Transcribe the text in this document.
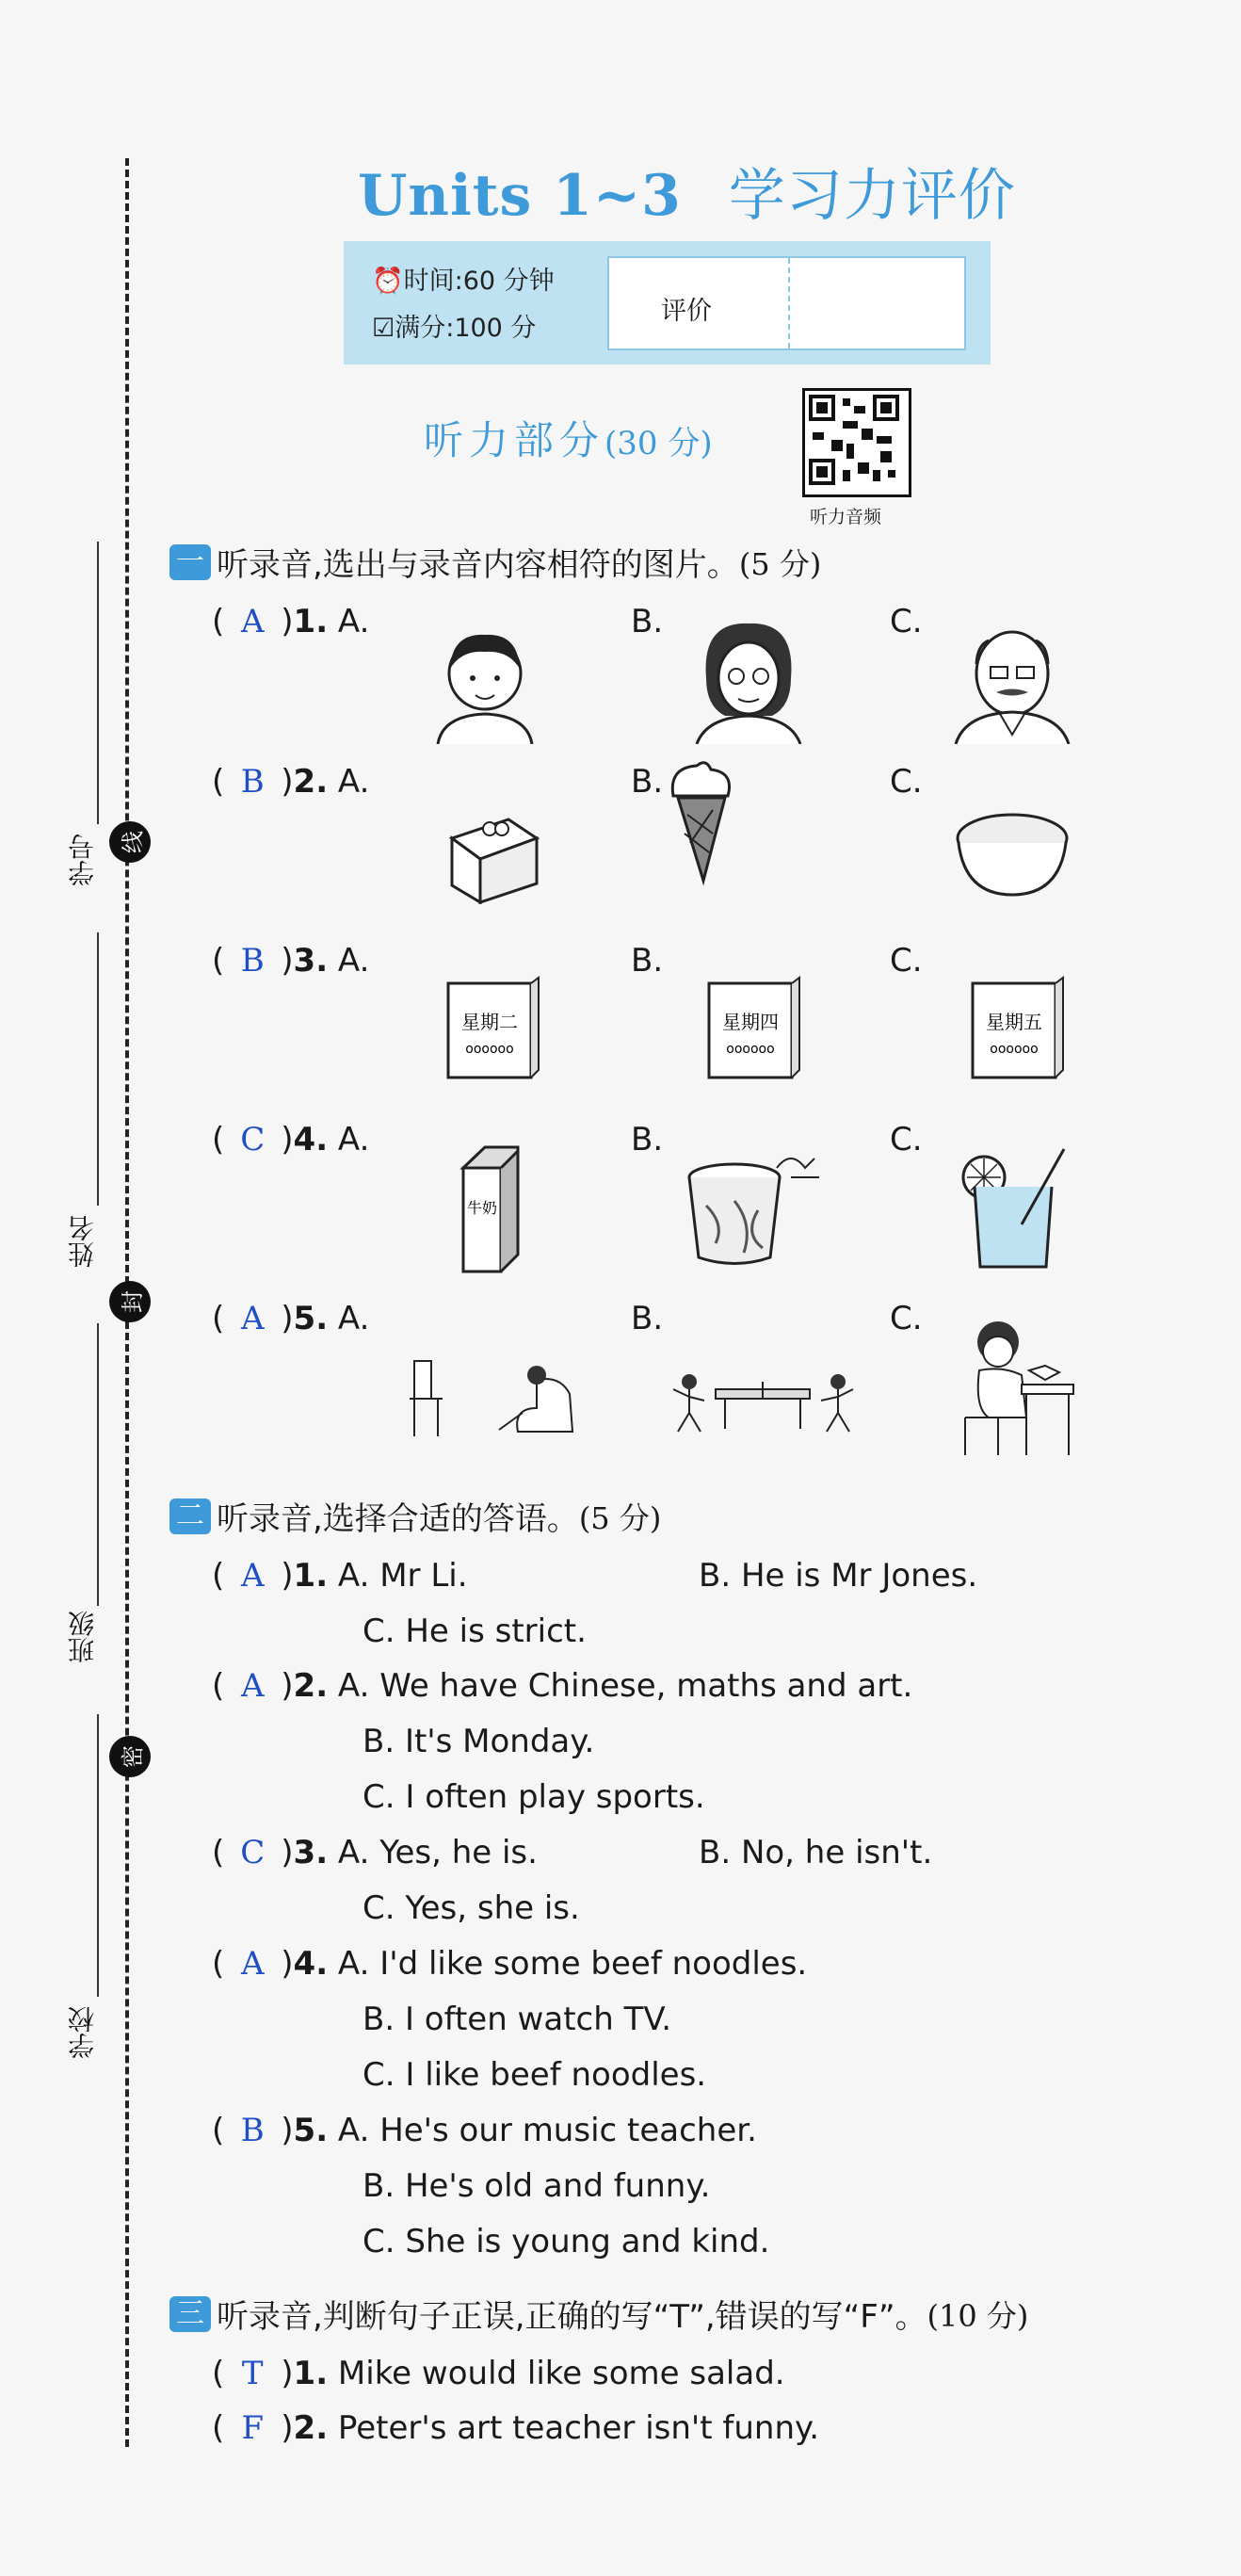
学号 线
姓名
封
班级
密
学校
Units 1~3 学习力评价
⏰时间:60 分钟
☑满分:100 分
评价
听力部分(30 分)
听力音频
一 听录音,选出与录音内容相符的图片。 (5 分)
( A )1. A.	B.	C.
( B )2. A.	B.	C.
( B )3. A.	B.	C.
星期二
oooooo
星期四
oooooo
星期五
oooooo
( C )4. A.	B.	C.
牛奶
( A )5. A.	B.	C.
二 听录音,选择合适的答语。 (5 分)
( A )1. A. Mr Li.	B. He is Mr Jones.
C. He is strict.
( A )2. A. We have Chinese, maths and art.
B. It's Monday.
C. I often play sports.
( C )3. A. Yes, he is.	B. No, he isn't.
C. Yes, she is.
( A )4. A. I'd like some beef noodles.
B. I often watch TV.
C. I like beef noodles.
( B )5. A. He's our music teacher.
B. He's old and funny.
C. She is young and kind.
三 听录音,判断句子正误,正确的写“T”,错误的写“F”。 (10 分)
( T )1. Mike would like some salad.
( F )2. Peter's art teacher isn't funny.
